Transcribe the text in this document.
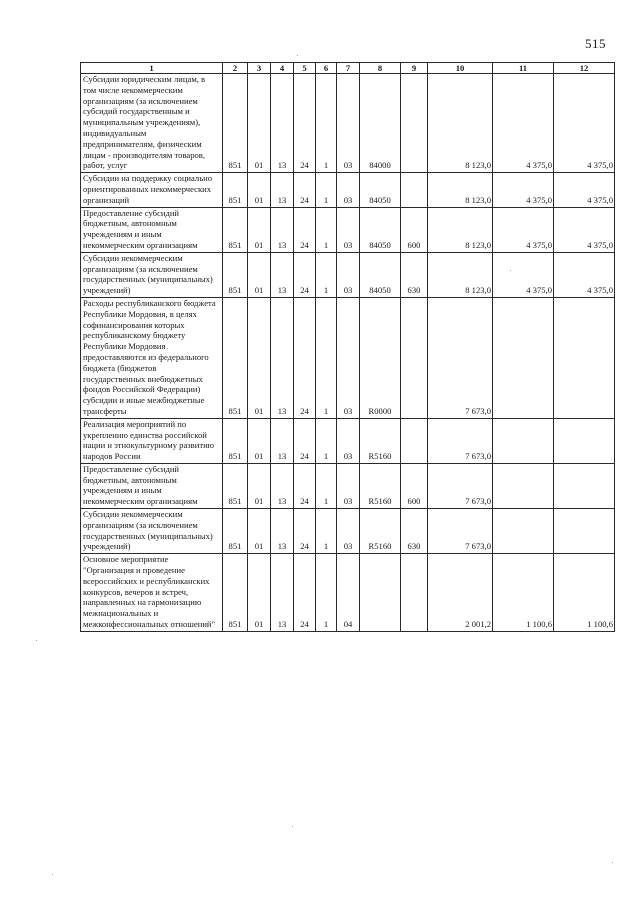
515
1	2	3	4	5	6	7	8	9	10	11	12
Субсидии юридическим лицам, в том числе некоммерческим организациям (за исключением субсидий государственным и муниципальным учреждениям), индивидуальным предпринимателям, физическим лицам - производителям товаров, работ, услуг	851	01	13	24	1	03	84000		8 123,0	4 375,0	4 375,0
Субсидии на поддержку социально ориентированных некоммерческих организаций	851	01	13	24	1	03	84050		8 123,0	4 375,0	4 375,0
Предоставление субсидий бюджетным, автономным учреждениям и иным некоммерческим организациям	851	01	13	24	1	03	84050	600	8 123,0	4 375,0	4 375,0
Субсидии некоммерческим организациям (за исключением государственных (муниципальных) учреждений)	851	01	13	24	1	03	84050	630	8 123,0	4 375,0	4 375,0
Расходы республиканского бюджета Республики Мордовия, в целях софинансирования которых республиканскому бюджету Республики Мордовия предоставляются из федерального бюджета (бюджетов государственных внебюджетных фондов Российской Федерации) субсидии и иные межбюджетные трансферты	851	01	13	24	1	03	R0000		7 673,0		
Реализация мероприятий по укреплению единства российской нации и этнокультурному развитию народов России	851	01	13	24	1	03	R5160		7 673,0		
Предоставление субсидий бюджетным, автономным учреждениям и иным некоммерческим организациям	851	01	13	24	1	03	R5160	600	7 673,0		
Субсидии некоммерческим организациям (за исключением государственных (муниципальных) учреждений)	851	01	13	24	1	03	R5160	630	7 673,0		
Основное мероприятие "Организация и проведение всероссийских и республиканских конкурсов, вечеров и встреч, направленных на гармонизацию межнациональных и межконфессиональных отношений"	851	01	13	24	1	04			2 001,2	1 100,6	1 100,6
